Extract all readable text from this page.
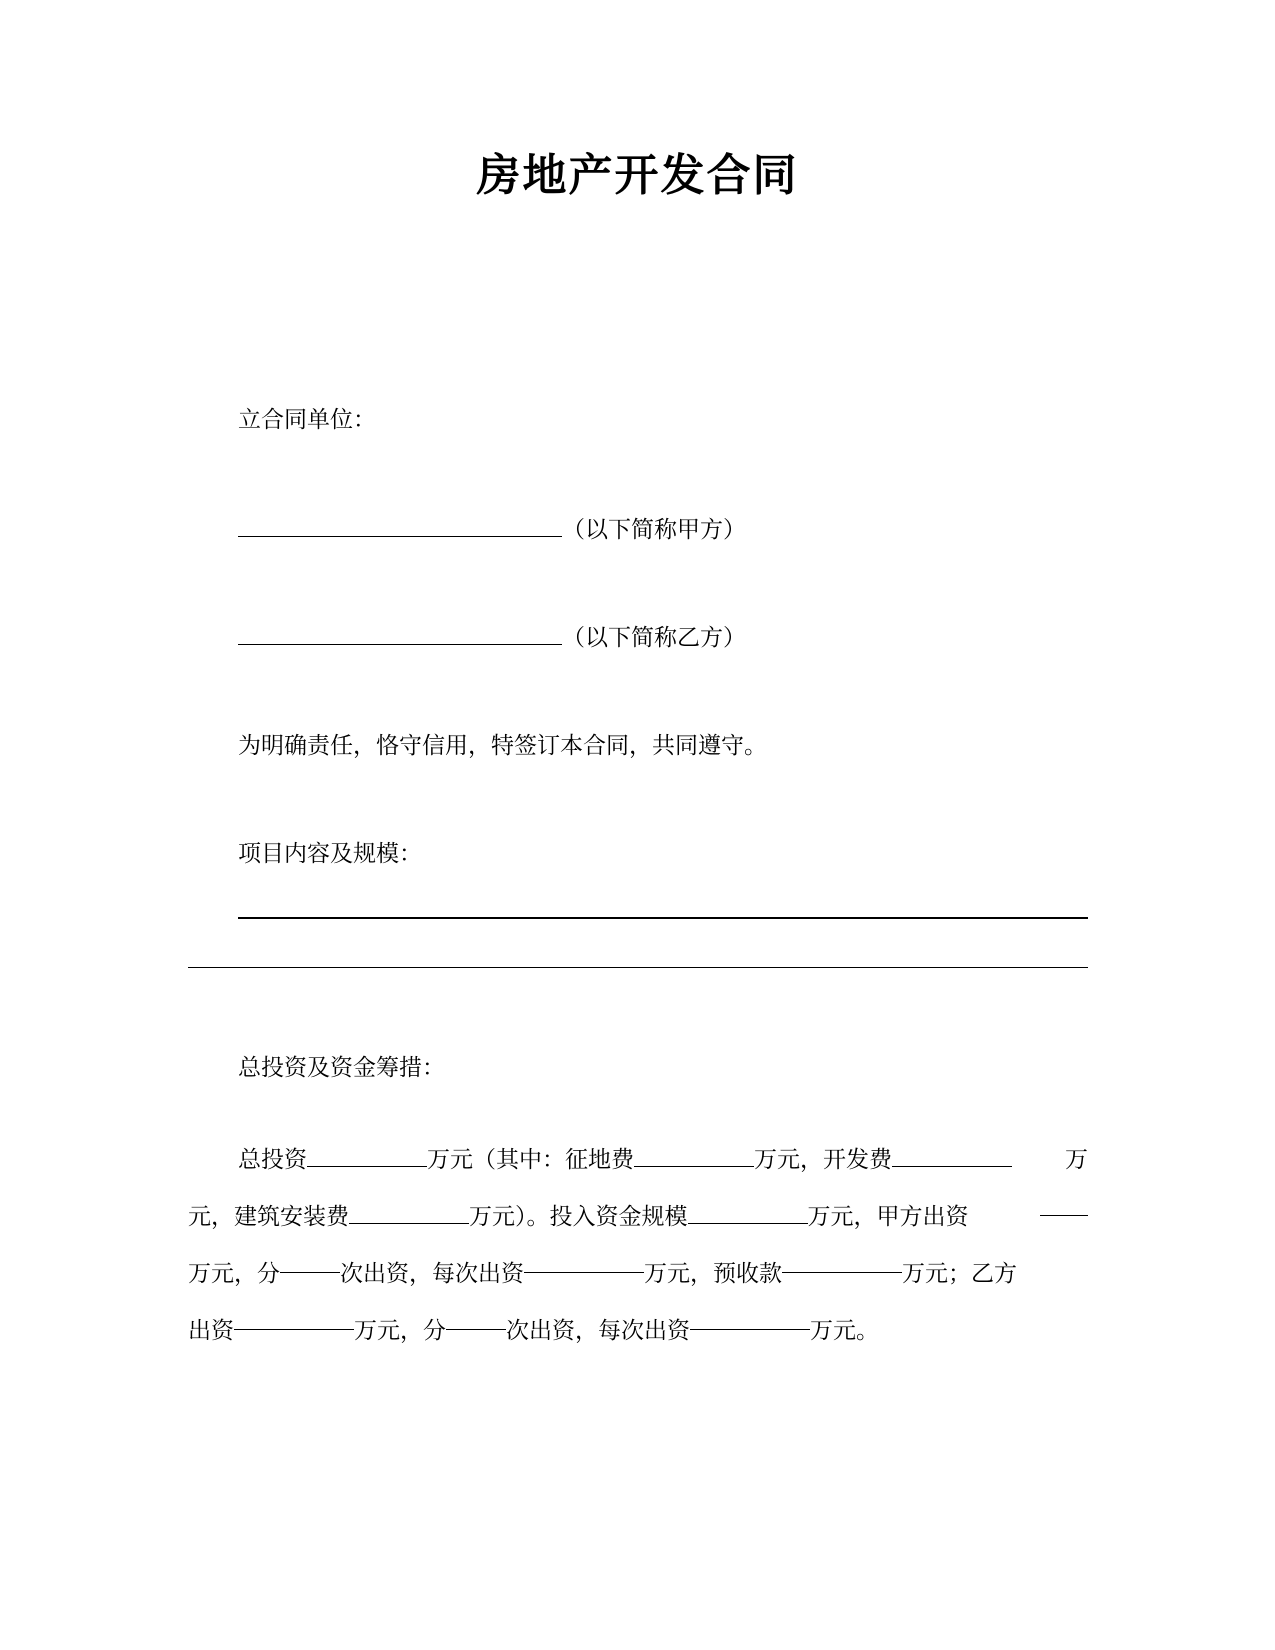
房地产开发合同
立合同单位：
（以下简称甲方）
（以下简称乙方）
为明确责任，恪守信用，特签订本合同，共同遵守。
项目内容及规模：
总投资及资金筹措：
总投资	万元（其中：征地费	万元，开发费	万
元，建筑安装费	万元）。投入资金规模	万元，甲方出资
万元，分	次出资，每次出资	万元，预收款	万元；乙方
出资	万元，分	次出资，每次出资	万元。
